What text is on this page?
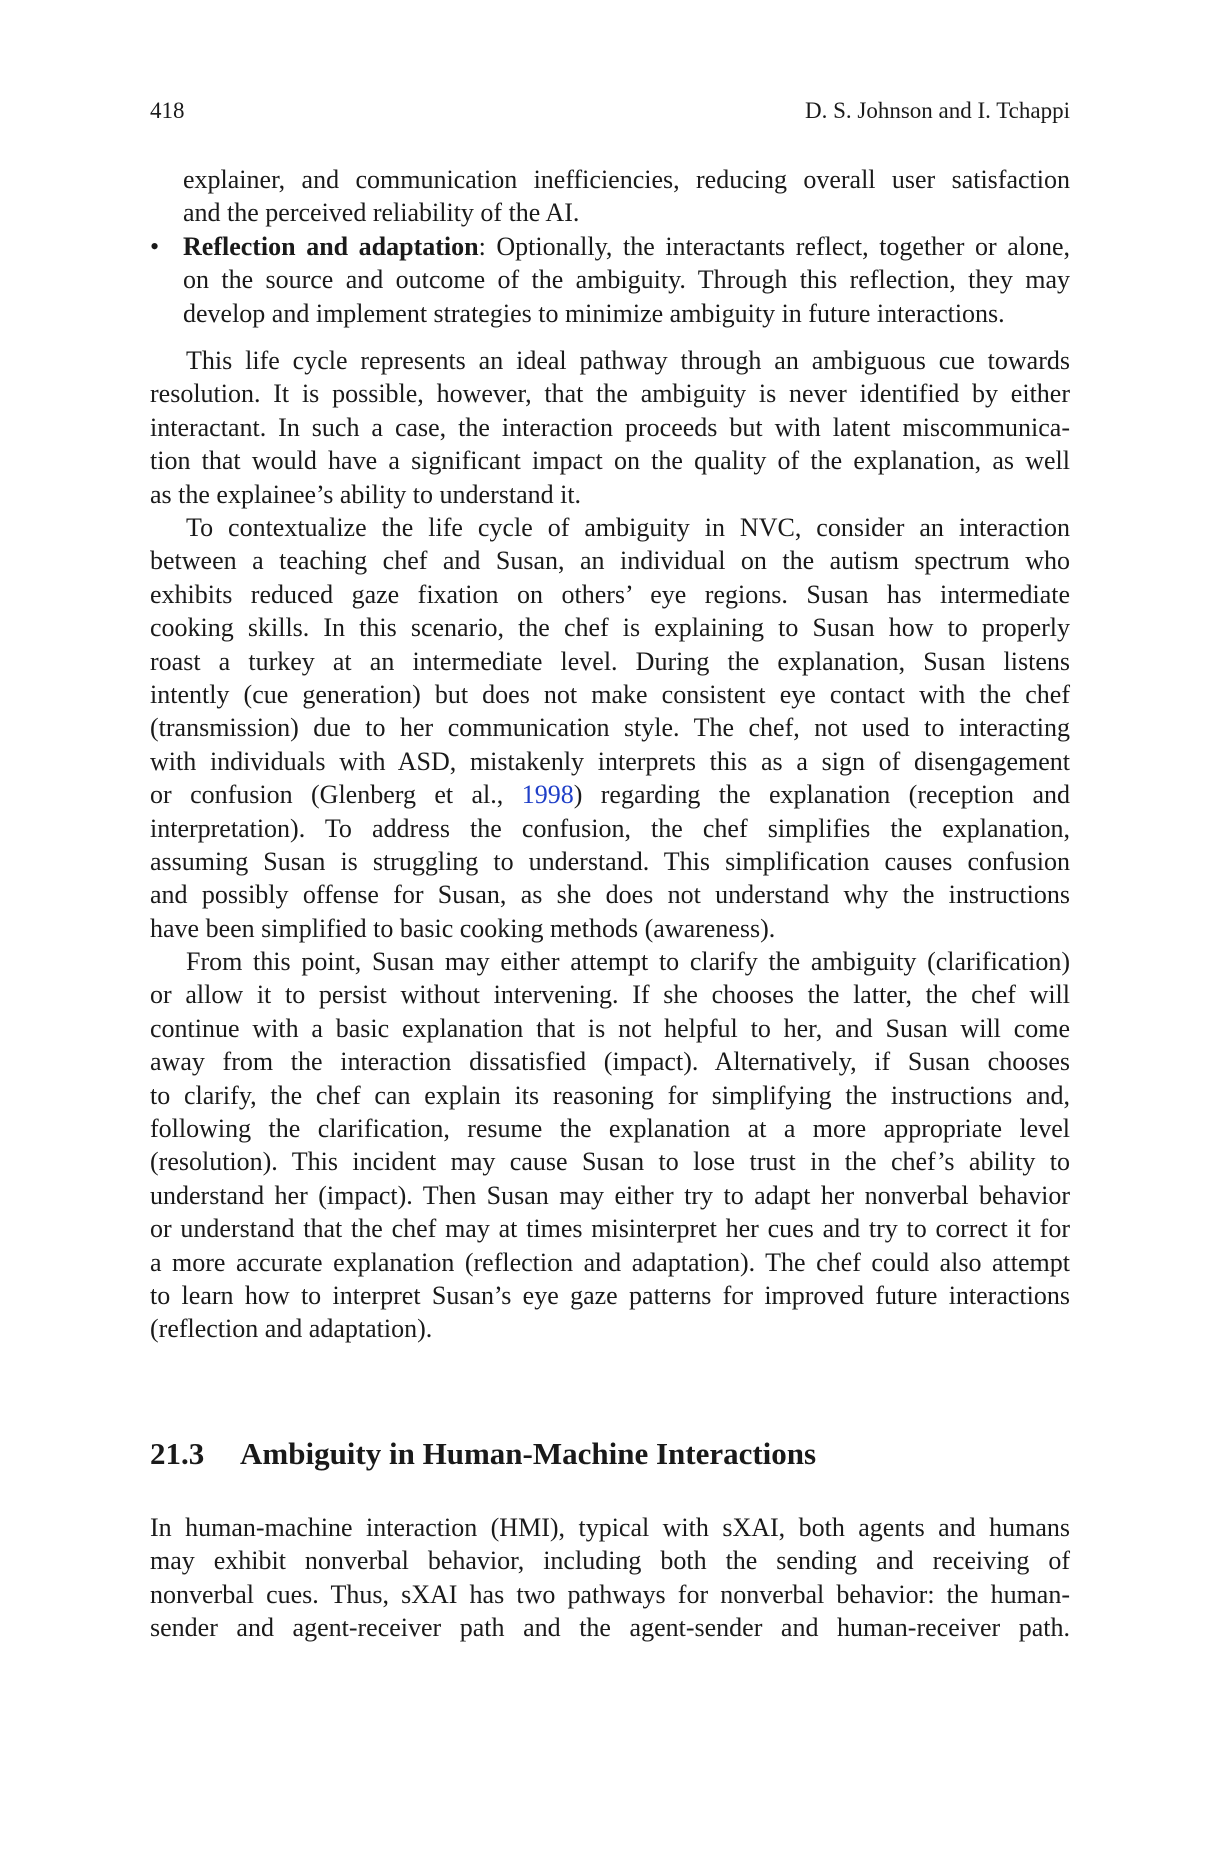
418	D. S. Johnson and I. Tchappi
explainer, and communication inefficiencies, reducing overall user satisfaction
and the perceived reliability of the AI.
• Reflection and adaptation: Optionally, the interactants reflect, together or alone,
on the source and outcome of the ambiguity. Through this reflection, they may
develop and implement strategies to minimize ambiguity in future interactions.
This life cycle represents an ideal pathway through an ambiguous cue towards
resolution. It is possible, however, that the ambiguity is never identified by either
interactant. In such a case, the interaction proceeds but with latent miscommunica-
tion that would have a significant impact on the quality of the explanation, as well
as the explainee’s ability to understand it.
To contextualize the life cycle of ambiguity in NVC, consider an interaction
between a teaching chef and Susan, an individual on the autism spectrum who
exhibits reduced gaze fixation on others’ eye regions. Susan has intermediate
cooking skills. In this scenario, the chef is explaining to Susan how to properly
roast a turkey at an intermediate level. During the explanation, Susan listens
intently (cue generation) but does not make consistent eye contact with the chef
(transmission) due to her communication style. The chef, not used to interacting
with individuals with ASD, mistakenly interprets this as a sign of disengagement
or confusion (Glenberg et al., 1998) regarding the explanation (reception and
interpretation). To address the confusion, the chef simplifies the explanation,
assuming Susan is struggling to understand. This simplification causes confusion
and possibly offense for Susan, as she does not understand why the instructions
have been simplified to basic cooking methods (awareness).
From this point, Susan may either attempt to clarify the ambiguity (clarification)
or allow it to persist without intervening. If she chooses the latter, the chef will
continue with a basic explanation that is not helpful to her, and Susan will come
away from the interaction dissatisfied (impact). Alternatively, if Susan chooses
to clarify, the chef can explain its reasoning for simplifying the instructions and,
following the clarification, resume the explanation at a more appropriate level
(resolution). This incident may cause Susan to lose trust in the chef’s ability to
understand her (impact). Then Susan may either try to adapt her nonverbal behavior
or understand that the chef may at times misinterpret her cues and try to correct it for
a more accurate explanation (reflection and adaptation). The chef could also attempt
to learn how to interpret Susan’s eye gaze patterns for improved future interactions
(reflection and adaptation).
21.3 Ambiguity in Human-Machine Interactions
In human-machine interaction (HMI), typical with sXAI, both agents and humans
may exhibit nonverbal behavior, including both the sending and receiving of
nonverbal cues. Thus, sXAI has two pathways for nonverbal behavior: the human-
sender and agent-receiver path and the agent-sender and human-receiver path.
